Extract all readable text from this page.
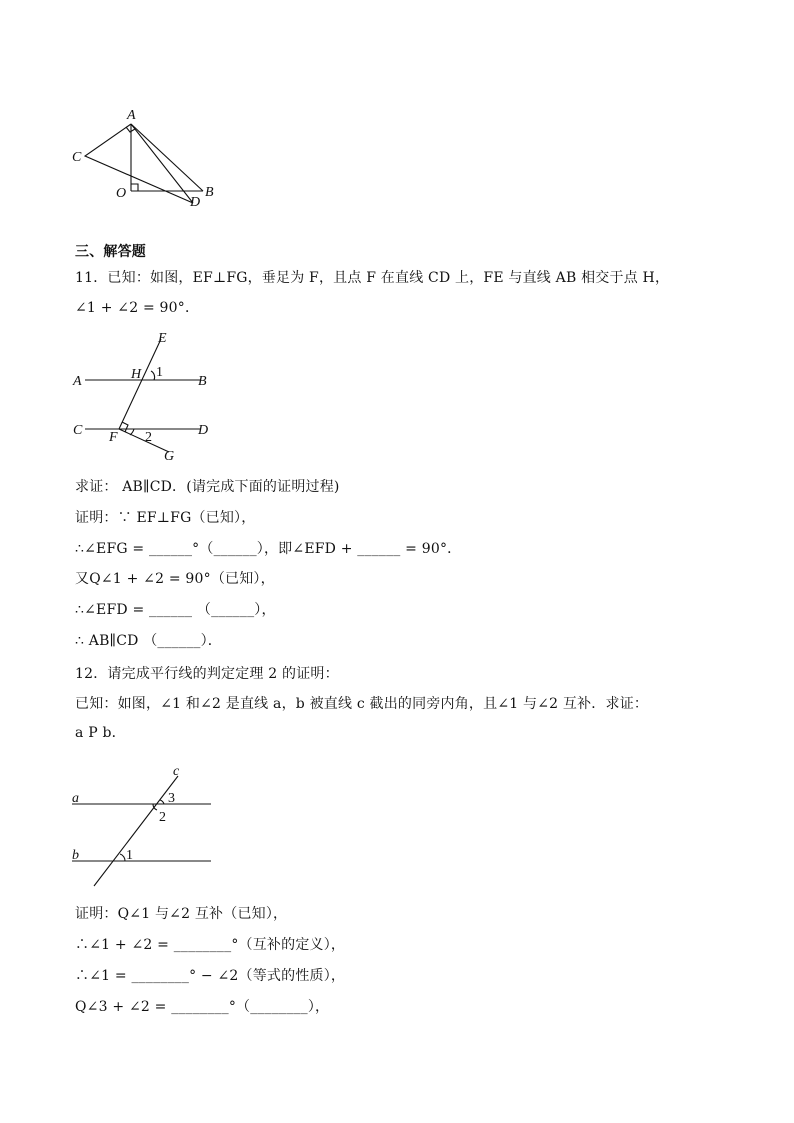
A
C
O
D
B
三、解答题
11．已知：如图，EF⊥FG，垂足为 F，且点 F 在直线 CD 上，FE 与直线 AB 相交于点 H，
∠1 + ∠2 = 90°．
E
A	H 1
B
C F 2	D
G
求证： AB∥CD．(请完成下面的证明过程)
证明：∵ EF⊥FG（已知），
∴∠EFG = ______°（______），即∠EFD + ______ = 90°．
又Q∠1 + ∠2 = 90°（已知），
∴∠EFD = ______ （______），
∴ AB∥CD （______）．
12．请完成平行线的判定定理 2 的证明：
已知：如图，∠1 和∠2 是直线 a，b 被直线 c 截出的同旁内角，且∠1 与∠2 互补．求证：
a P b．
c
a	3
2
b	1
证明：Q∠1 与∠2 互补（已知），
∴∠1 + ∠2 = ________°（互补的定义），
∴∠1 = ________° − ∠2（等式的性质），
Q∠3 + ∠2 = ________°（________），
